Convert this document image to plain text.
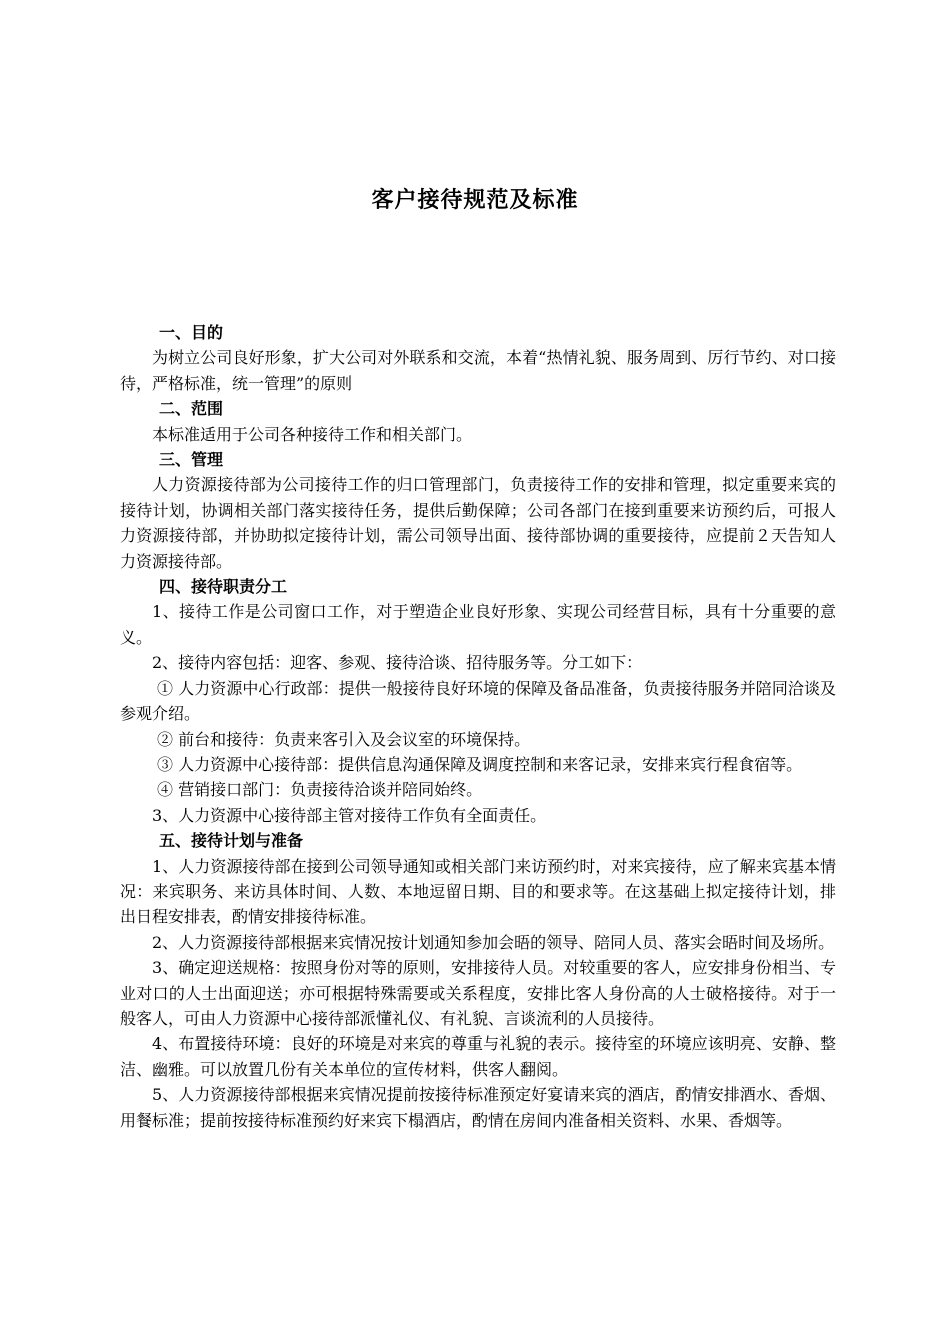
客户接待规范及标准

一、目的

为树立公司良好形象，扩大公司对外联系和交流，本着“热情礼貌、服务周到、厉行节约、对口接待，严格标准，统一管理”的原则

二、范围

本标准适用于公司各种接待工作和相关部门。

三、管理

人力资源接待部为公司接待工作的归口管理部门，负责接待工作的安排和管理，拟定重要来宾的接待计划，协调相关部门落实接待任务，提供后勤保障；公司各部门在接到重要来访预约后，可报人力资源接待部，并协助拟定接待计划，需公司领导出面、接待部协调的重要接待，应提前２天告知人力资源接待部。

四、接待职责分工

1、接待工作是公司窗口工作，对于塑造企业良好形象、实现公司经营目标，具有十分重要的意义。

2、接待内容包括：迎客、参观、接待洽谈、招待服务等。分工如下：

① 人力资源中心行政部：提供一般接待良好环境的保障及备品准备，负责接待服务并陪同洽谈及参观介绍。

② 前台和接待：负责来客引入及会议室的环境保持。

③ 人力资源中心接待部：提供信息沟通保障及调度控制和来客记录，安排来宾行程食宿等。

④ 营销接口部门：负责接待洽谈并陪同始终。

3、人力资源中心接待部主管对接待工作负有全面责任。

五、接待计划与准备

1、人力资源接待部在接到公司领导通知或相关部门来访预约时，对来宾接待，应了解来宾基本情况：来宾职务、来访具体时间、人数、本地逗留日期、目的和要求等。在这基础上拟定接待计划，排出日程安排表，酌情安排接待标准。

2、人力资源接待部根据来宾情况按计划通知参加会晤的领导、陪同人员、落实会晤时间及场所。

3、确定迎送规格：按照身份对等的原则，安排接待人员。对较重要的客人，应安排身份相当、专业对口的人士出面迎送；亦可根据特殊需要或关系程度，安排比客人身份高的人士破格接待。对于一般客人，可由人力资源中心接待部派懂礼仪、有礼貌、言谈流利的人员接待。

4、布置接待环境：良好的环境是对来宾的尊重与礼貌的表示。接待室的环境应该明亮、安静、整洁、幽雅。可以放置几份有关本单位的宣传材料，供客人翻阅。

5、人力资源接待部根据来宾情况提前按接待标准预定好宴请来宾的酒店，酌情安排酒水、香烟、用餐标准；提前按接待标准预约好来宾下榻酒店，酌情在房间内准备相关资料、水果、香烟等。
